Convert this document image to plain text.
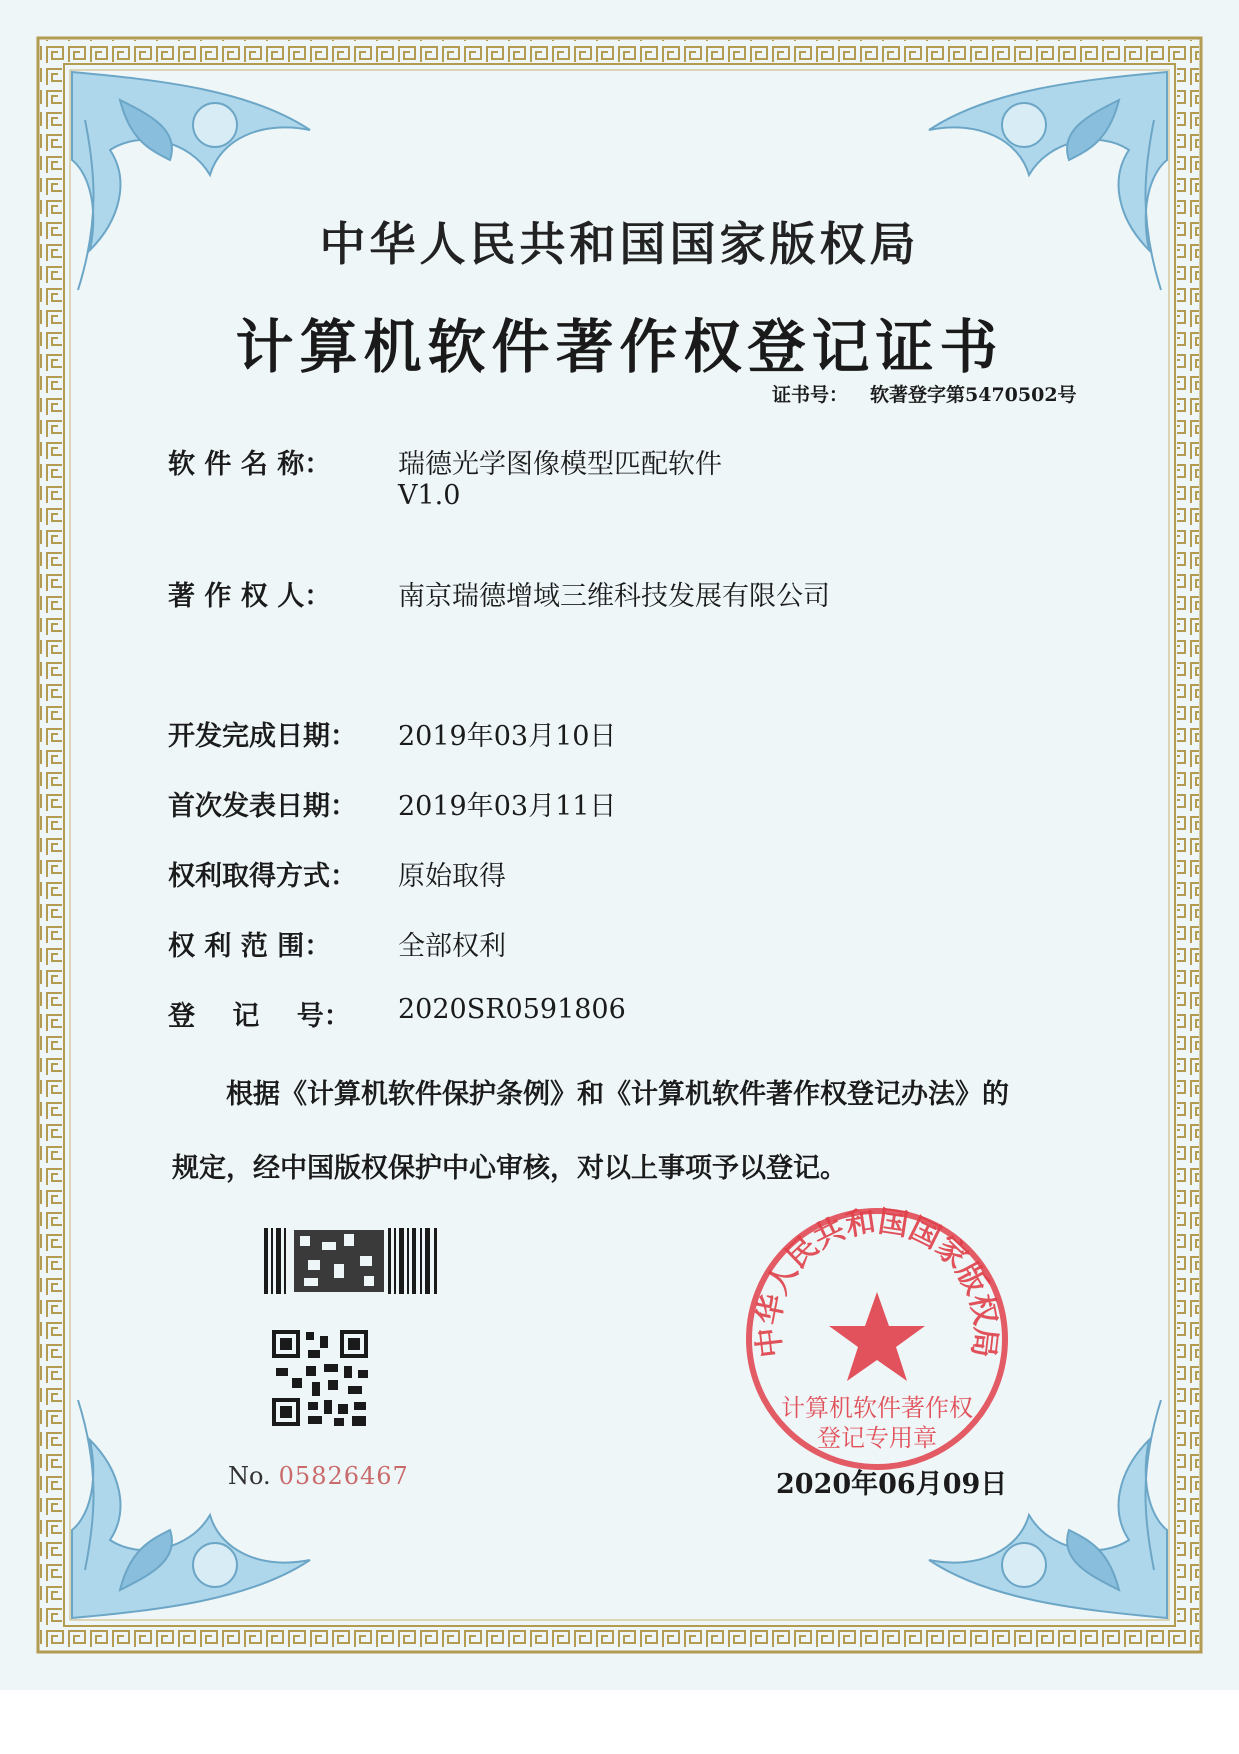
中华人民共和国国家版权局
计算机软件著作权登记证书
证书号： 软著登字第5470502号
软 件 名 称：	瑞德光学图像模型匹配软件
V1.0
著 作 权 人：	南京瑞德增域三维科技发展有限公司
开发完成日期： 2019年03月10日
首次发表日期： 2019年03月11日
权利取得方式： 原始取得
权 利 范 围：	全部权利
登 记 号： 2020SR0591806
根据《计算机软件保护条例》和《计算机软件著作权登记办法》的
规定，经中国版权保护中心审核，对以上事项予以登记。
No. 05826467
中华人民共和国国家版权局
计算机软件著作权
登记专用章
2020年06月09日
